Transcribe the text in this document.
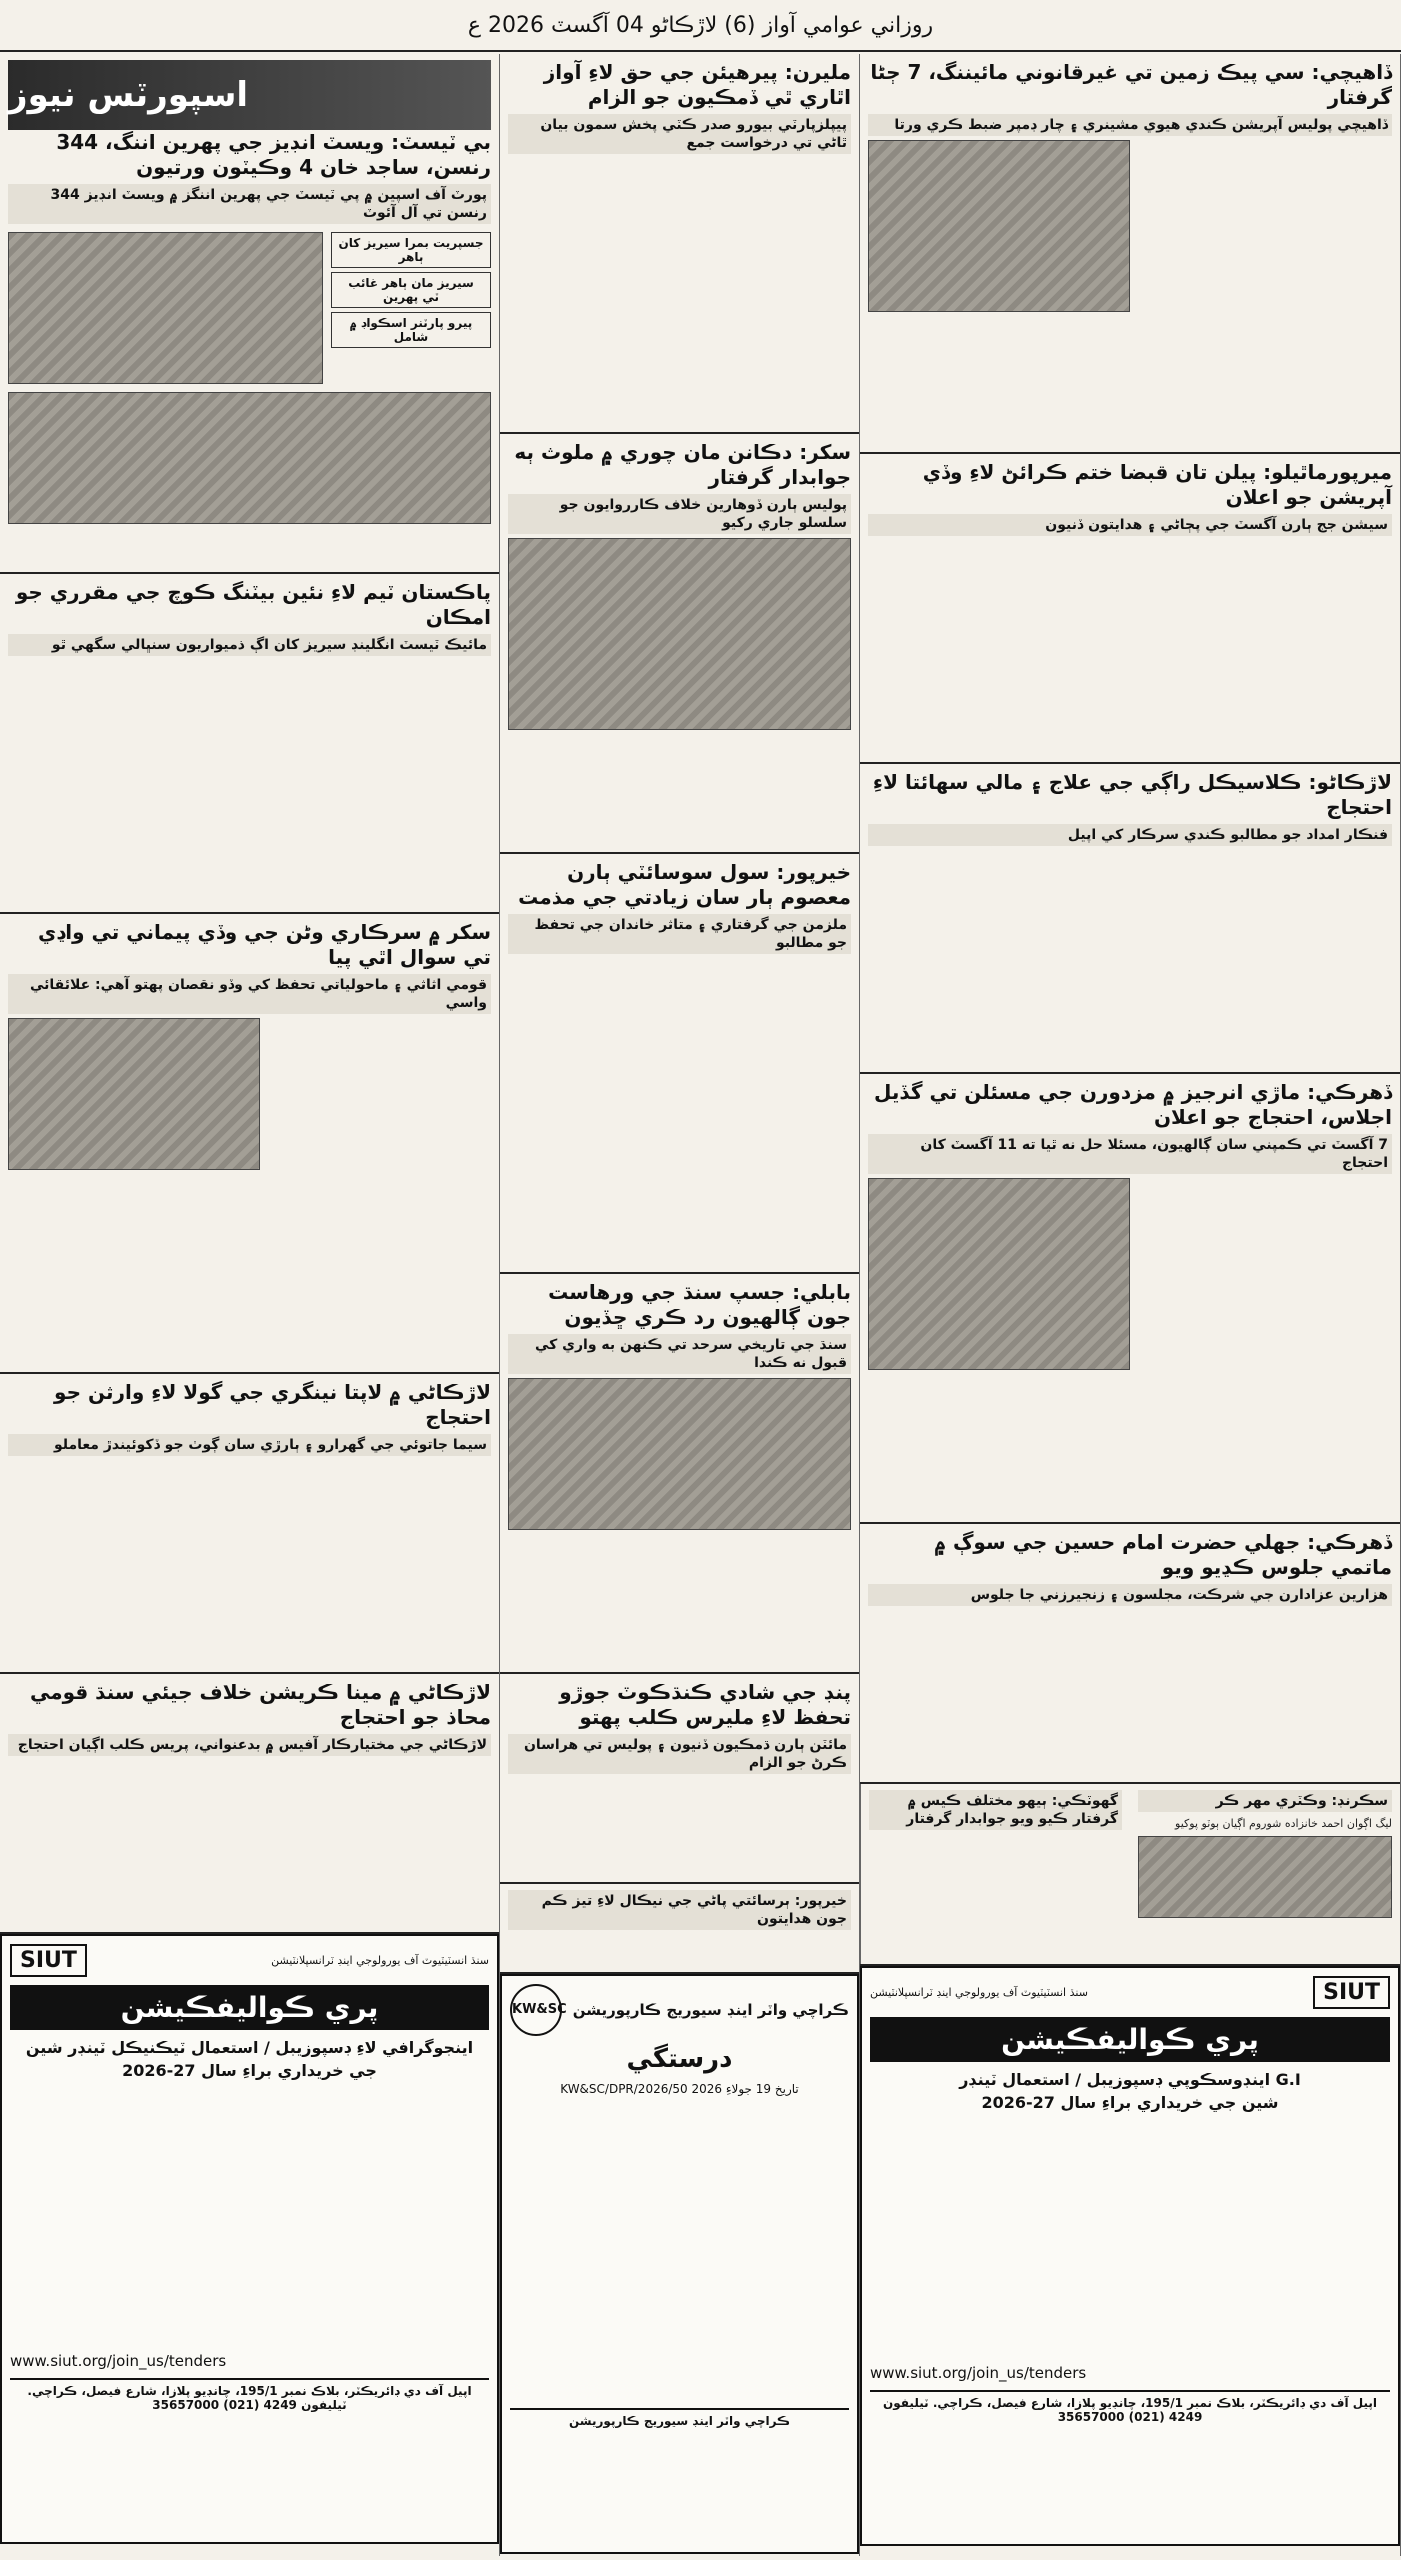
روزاني عوامي آواز (6) لاڙڪاڻو 04 آگسٽ 2026 ع
اسپورٽس نيوز
بي ٽيسٽ: ويسٽ انڊيز جي پهرين اننگ، 344 رنسن، ساجد خان 4 وڪيٽون ورتيون
پورٽ آف اسپين ۾ پي ٽيسٽ جي پهرين اننگز ۾ ويسٽ انڊيز 344 رنسن تي آل آئوٽ
جسپريت بمرا سيريز کان ٻاهر
سيريز مان ٻاهر غائب ٽي پهرين
پيرو پارٽنر اسڪواڊ ۾ شامل
پاڪستان ٽيم لاءِ نئين بيٽنگ ڪوچ جي مقرري جو امڪان
مائيڪ ٽيسٽ انگلينڊ سيريز کان اڳ ذميواريون سنڀالي سگهي ٿو
سکر ۾ سرڪاري وڻن جي وڏي پيماني تي واڍي تي سوال اٿي پيا
قومي اثاثي ۽ ماحولياتي تحفظ کي وڏو نقصان پهتو آهي: علائقائي واسي
لاڙڪاڻي ۾ لاپتا نينگري جي گولا لاءِ وارثن جو احتجاج
سيما جاتوئي جي گهرارو ۽ ٻارڙي سان ڳوٺ جو ڏکوئيندڙ معاملو
لاڙڪاڻي ۾ مينا ڪريشن خلاف جيئي سنڌ قومي محاذ جو احتجاج
لاڙڪاڻي جي مختيارڪار آفيس ۾ بدعنواني، پريس ڪلب اڳيان احتجاج
SIUT	سنڌ انسٽيٽيوٽ آف يورولوجي اينڊ ٽرانسپلانٽيشن
پري ڪواليفڪيشن
اينجوگرافي لاءِ ڊسپوزيبل / استعمال ٽيڪنيڪل ٽينڊر شين
جي خريداري براءِ سال 27-2026
www.siut.org/join_us/tenders
اپيل آف دي ڊائريڪٽر، بلاڪ نمبر 195/1، چانڊيو پلازا، شارع فيصل، ڪراچي. ٽيليفون 4249 (021) 35657000
مليرن: پيرهيئن جي حق لاءِ آواز اٿاري ٿي ڏمڪيون جو الزام
پيپلزپارٽي بيورو صدر ڪٽي پخش سمون بيان ٿاڻي تي درخواست جمع
سکر: دڪانن مان چوري ۾ ملوث ٻه جوابدار گرفتار
پوليس ٻارن ڏوهارين خلاف ڪارروايون جو سلسلو جاري رکيو
خيرپور: سول سوسائٽي ٻارن معصوم ٻار سان زيادتي جي مذمت
ملزمن جي گرفتاري ۽ متاثر خاندان جي تحفظ جو مطالبو
بابلي: جسپ سنڌ جي ورهاست جون ڳالهيون رد ڪري ڇڏيون
سنڌ جي تاريخي سرحد تي ڪنهن به واري کي قبول نه ڪندا
پنڊ جي شادي ڪنڌڪوٽ جوڙو تحفظ لاءِ مليرس ڪلب پهتو
مائٽن ٻارن ڌمڪيون ڏنيون ۽ پوليس تي هراسان ڪرڻ جو الزام
خيرپور: ٻرسائتي پاڻي جي نيڪال لاءِ تيز ڪم جون هدايتون
KW&SC ڪراچي واٽر اينڊ سيوريج ڪارپوريشن
درستگي
KW&SC/DPR/2026/50 تاريخ 19 جولاءِ 2026
ڪراچي واٽر اينڊ سيوريج ڪارپوريشن
ڏاهيچي: سي پيڪ زمين تي غيرقانوني مائيننگ، 7 ڄڻا گرفتار
ڏاهيچي پوليس آپريشن ڪندي هيوي مشينري ۽ چار ڊمپر ضبط ڪري ورتا
ميرپورماٿيلو: پيلن تان قبضا ختم ڪرائڻ لاءِ وڏي آپريشن جو اعلان
سيشن جج ٻارن آگسٽ جي پڄاڻي ۽ هدايتون ڏنيون
لاڙڪاڻو: ڪلاسيڪل راڳي جي علاج ۽ مالي سهائتا لاءِ احتجاج
فنڪار امداد جو مطالبو ڪندي سرڪار کي اپيل
ڏهرڪي: ماڙي انرجيز ۾ مزدورن جي مسئلن تي گڏيل اجلاس، احتجاج جو اعلان
7 آگسٽ تي ڪمپني سان ڳالهيون، مسئلا حل نه ٿيا ته 11 آگسٽ کان احتجاج
ڏهرڪي: جهلي حضرت امام حسين جي سوڳ ۾ ماتمي جلوس ڪڍيو ويو
هزارين عزادارن جي شرڪت، مجلسون ۽ زنجيرزني جا جلوس
گهوٽڪي: ٻيهو مختلف ڪيس ۾ گرفتار ڪيو ويو جوابدار گرفتار
سڪرنڊ: وڪٽري مهر ڪر

ليگ اڳوان احمد خانزاده شوروم اڳيان ٻوٽو پوکيو

سنڌ انسٽيٽيوٽ آف يورولوجي اينڊ ٽرانسپلانٽيشن	SIUT
پري ڪواليفڪيشن
G.I اينڊوسڪوپي ڊسپوزيبل / استعمال ٽينڊر
شين جي خريداري براءِ سال 27-2026
www.siut.org/join_us/tenders
اپيل آف دي ڊائريڪٽر، بلاڪ نمبر 195/1، چانڊيو پلازا، شارع فيصل، ڪراچي. ٽيليفون 4249 (021) 35657000
